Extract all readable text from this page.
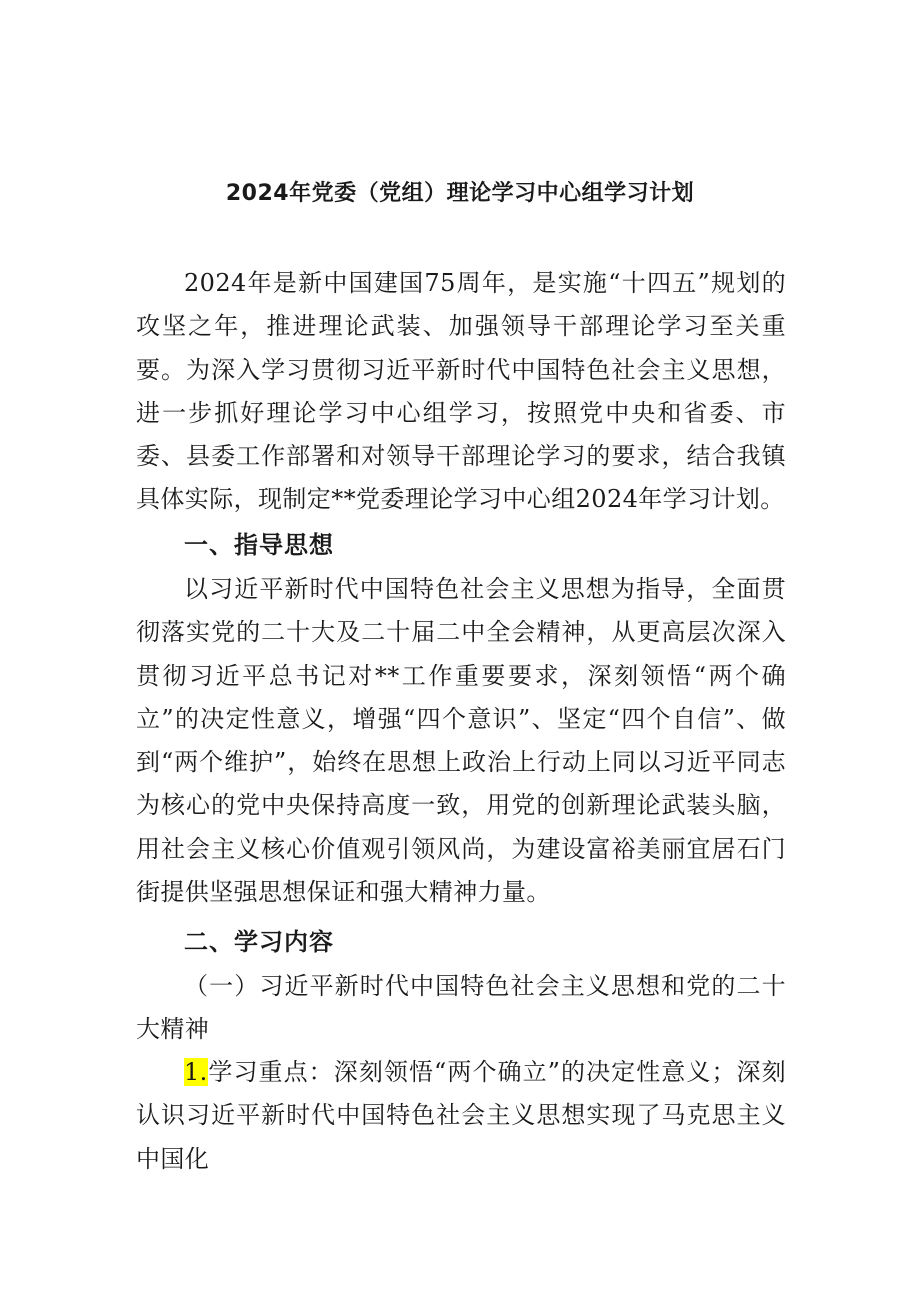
2024年党委（党组）理论学习中心组学习计划

2024年是新中国建国75周年，是实施“十四五”规划的攻坚之年，推进理论武装、加强领导干部理论学习至关重要。为深入学习贯彻习近平新时代中国特色社会主义思想，进一步抓好理论学习中心组学习，按照党中央和省委、市委、县委工作部署和对领导干部理论学习的要求，结合我镇具体实际，现制定**党委理论学习中心组2024年学习计划。

一、指导思想

以习近平新时代中国特色社会主义思想为指导，全面贯彻落实党的二十大及二十届二中全会精神，从更高层次深入贯彻习近平总书记对**工作重要要求，深刻领悟“两个确立”的决定性意义，增强“四个意识”、坚定“四个自信”、做到“两个维护”，始终在思想上政治上行动上同以习近平同志为核心的党中央保持高度一致，用党的创新理论武装头脑，用社会主义核心价值观引领风尚，为建设富裕美丽宜居石门街提供坚强思想保证和强大精神力量。

二、学习内容

（一）习近平新时代中国特色社会主义思想和党的二十大精神

1.学习重点：深刻领悟“两个确立”的决定性意义；深刻认识习近平新时代中国特色社会主义思想实现了马克思主义中国化
